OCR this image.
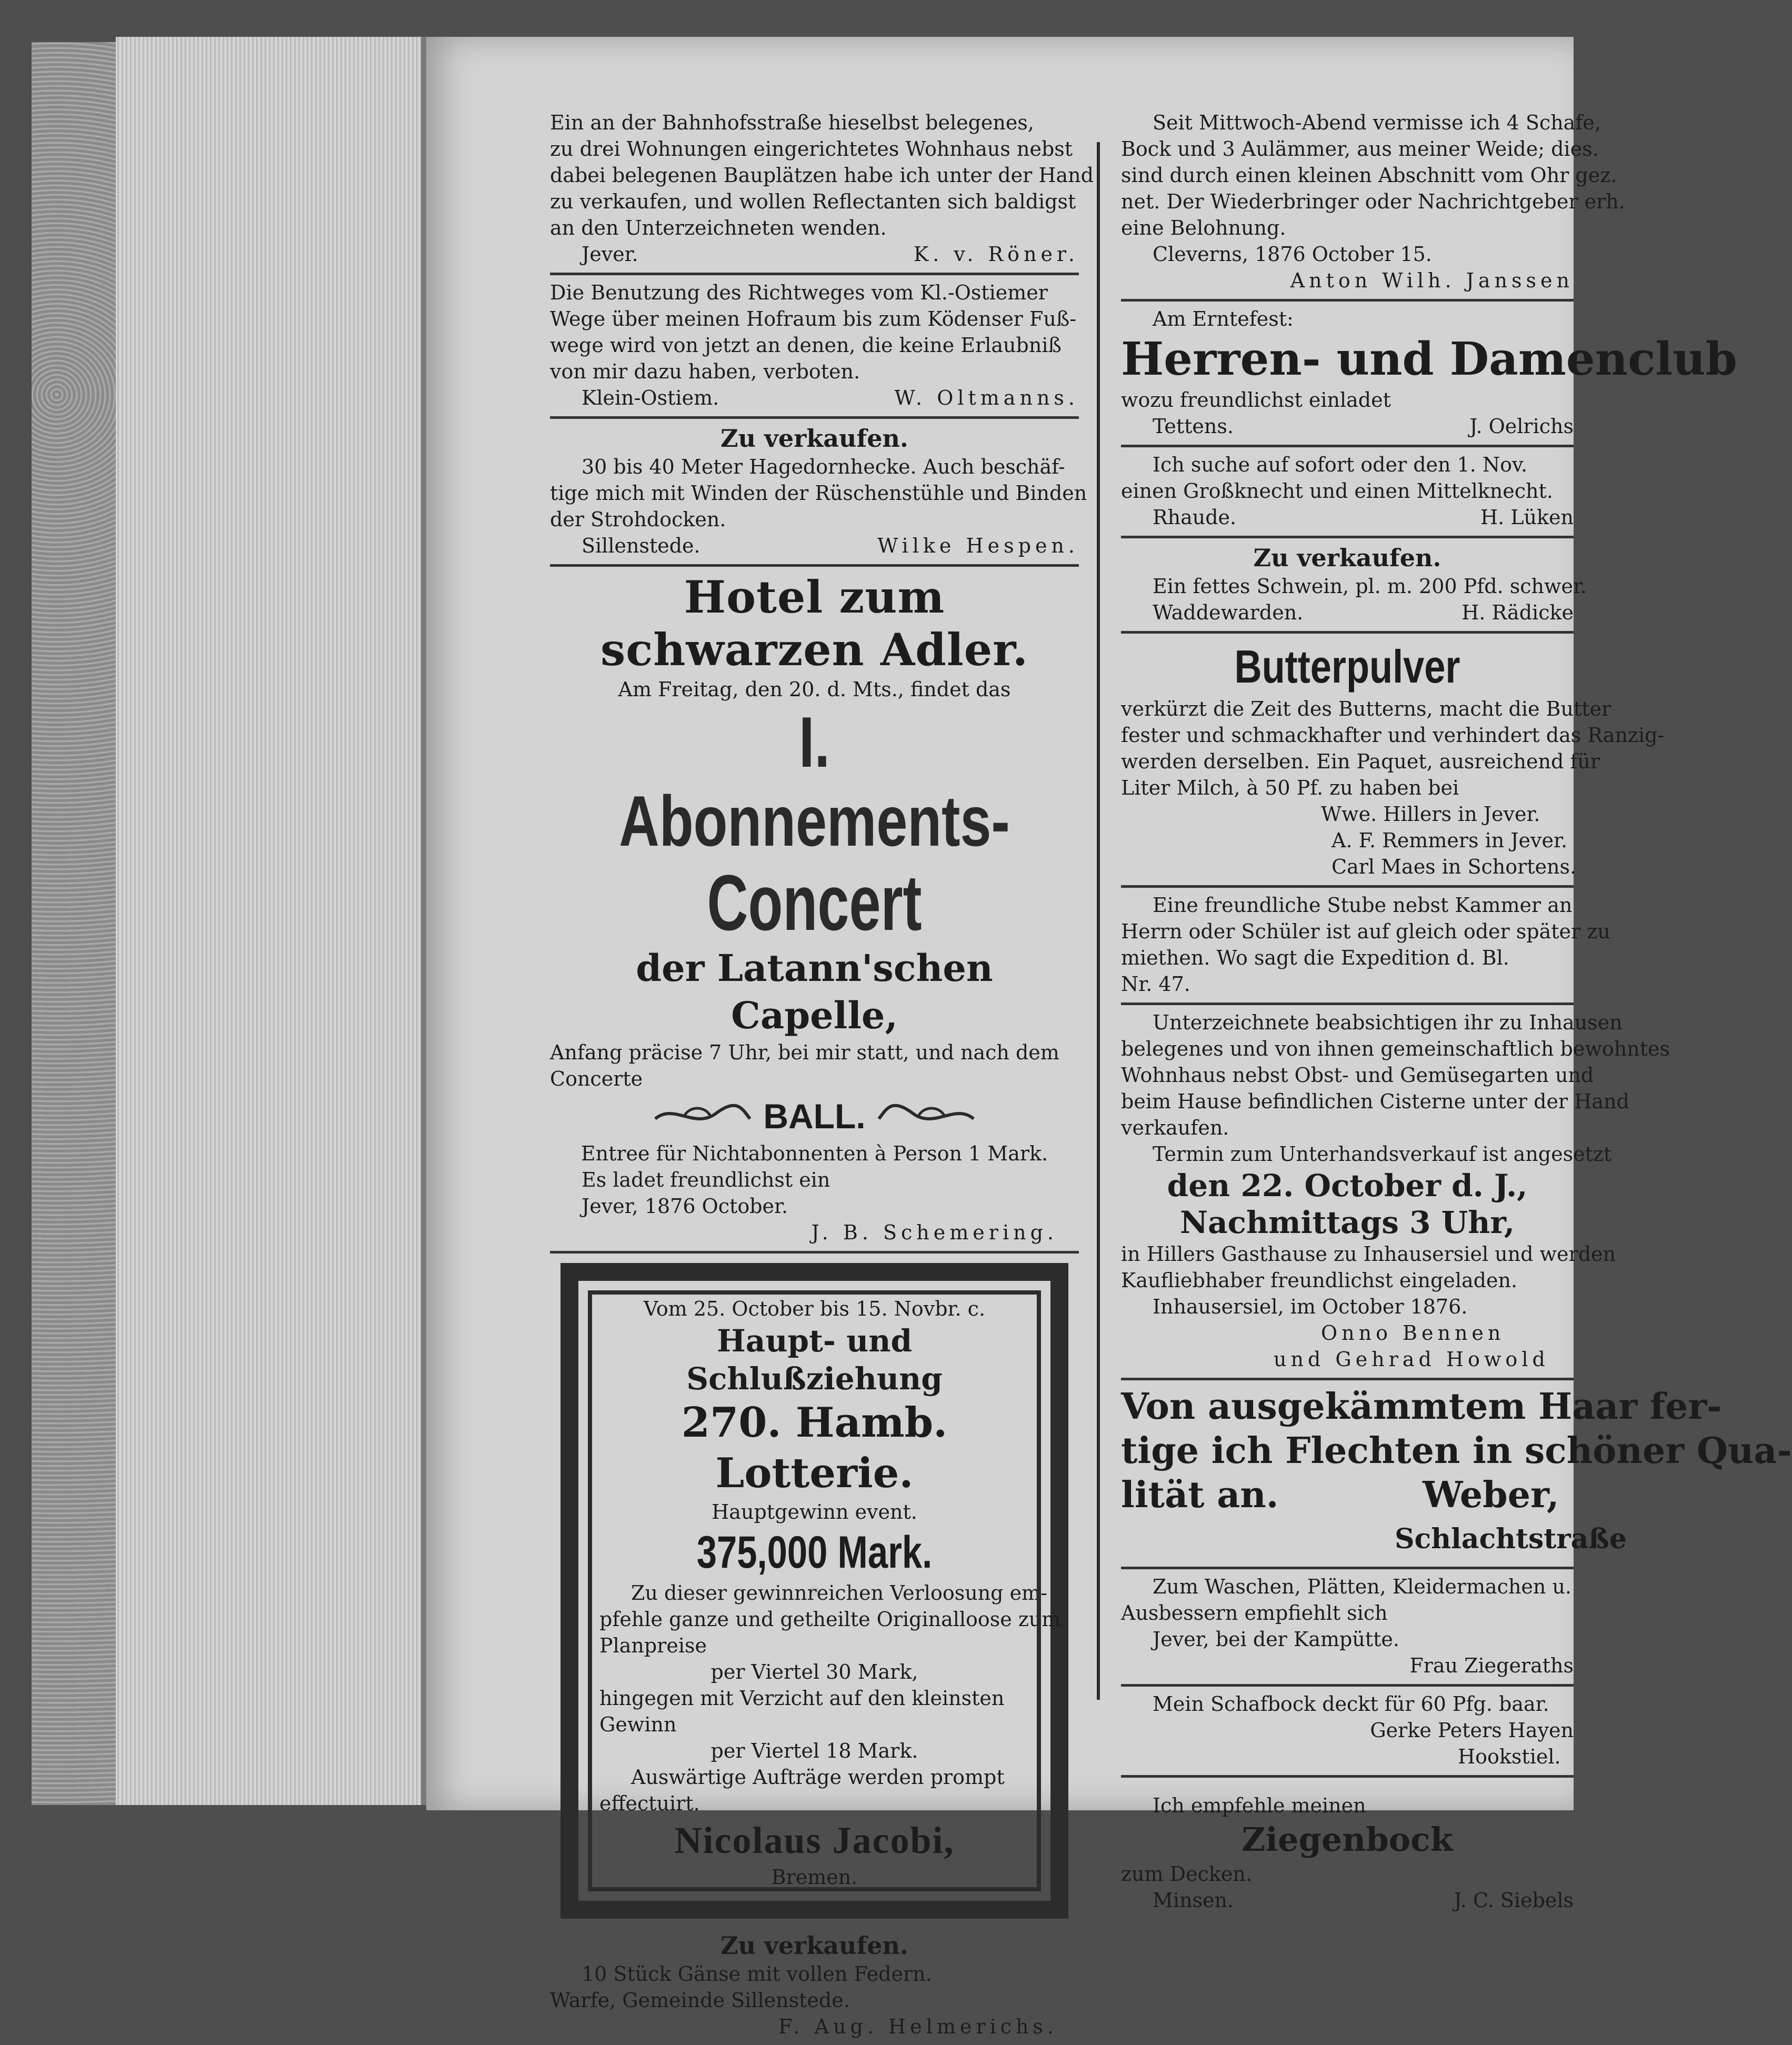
Ein an der Bahnhofsstraße hieselbst belegenes,
zu drei Wohnungen eingerichtetes Wohnhaus nebst
dabei belegenen Bauplätzen habe ich unter der Hand
zu verkaufen, und wollen Reflectanten sich baldigst
an den Unterzeichneten wenden.
Jever.	K. v. Röner.
Die Benutzung des Richtweges vom Kl.-Ostiemer
Wege über meinen Hofraum bis zum Ködenser Fuß-
wege wird von jetzt an denen, die keine Erlaubniß
von mir dazu haben, verboten.
Klein-Ostiem.	W. Oltmanns.
Zu verkaufen.
30 bis 40 Meter Hagedornhecke. Auch beschäf-
tige mich mit Winden der Rüschenstühle und Binden
der Strohdocken.
Sillenstede.	Wilke Hespen.
Hotel zum schwarzen Adler.
Am Freitag, den 20. d. Mts., findet das
I. Abonnements-
Concert
der Latann'schen Capelle,
Anfang präcise 7 Uhr, bei mir statt, und nach dem
Concerte
BALL.
Entree für Nichtabonnenten à Person 1 Mark.
Es ladet freundlichst ein
Jever, 1876 October.
J. B. Schemering.
Vom 25. October bis 15. Novbr. c.
Haupt- und Schlußziehung
270. Hamb. Lotterie.
Hauptgewinn event.
375,000 Mark.
Zu dieser gewinnreichen Verloosung em-
pfehle ganze und getheilte Originalloose zum
Planpreise
per Viertel 30 Mark,
hingegen mit Verzicht auf den kleinsten
Gewinn
per Viertel 18 Mark.
Auswärtige Aufträge werden prompt
effectuirt.
Nicolaus Jacobi,
Bremen.
Zu verkaufen.
10 Stück Gänse mit vollen Federn.
Warfe, Gemeinde Sillenstede.
F. Aug. Helmerichs.
Seit Mittwoch-Abend vermisse ich 4 Schafe,
Bock und 3 Aulämmer, aus meiner Weide; dies.
sind durch einen kleinen Abschnitt vom Ohr gez.
net. Der Wiederbringer oder Nachrichtgeber erh.
eine Belohnung.
Cleverns, 1876 October 15.
Anton Wilh. Janssen
Am Erntefest:
Herren- und Damenclub
wozu freundlichst einladet
Tettens.	J. Oelrichs
Ich suche auf sofort oder den 1. Nov.
einen Großknecht und einen Mittelknecht.
Rhaude.	H. Lüken
Zu verkaufen.
Ein fettes Schwein, pl. m. 200 Pfd. schwer.
Waddewarden.	H. Rädicke
Butterpulver
verkürzt die Zeit des Butterns, macht die Butter
fester und schmackhafter und verhindert das Ranzig-
werden derselben. Ein Paquet, ausreichend für
Liter Milch, à 50 Pf. zu haben bei
Wwe. Hillers in Jever.
A. F. Remmers in Jever.
Carl Maes in Schortens.
Eine freundliche Stube nebst Kammer an
Herrn oder Schüler ist auf gleich oder später zu
miethen. Wo sagt die Expedition d. Bl.
Nr. 47.
Unterzeichnete beabsichtigen ihr zu Inhausen
belegenes und von ihnen gemeinschaftlich bewohntes
Wohnhaus nebst Obst- und Gemüsegarten und
beim Hause befindlichen Cisterne unter der Hand
verkaufen.
Termin zum Unterhandsverkauf ist angesetzt
den 22. October d. J.,
Nachmittags 3 Uhr,
in Hillers Gasthause zu Inhausersiel und werden
Kaufliebhaber freundlichst eingeladen.
Inhausersiel, im October 1876.
Onno Bennen
und Gehrad Howold
Von ausgekämmtem Haar fer-
tige ich Flechten in schöner Qua-
lität an.	Weber,
Schlachtstraße
Zum Waschen, Plätten, Kleidermachen u.
Ausbessern empfiehlt sich
Jever, bei der Kampütte.
Frau Ziegeraths
Mein Schafbock deckt für 60 Pfg. baar.
Gerke Peters Hayen
Hookstiel.
Ich empfehle meinen
Ziegenbock
zum Decken.
Minsen.	J. C. Siebels
